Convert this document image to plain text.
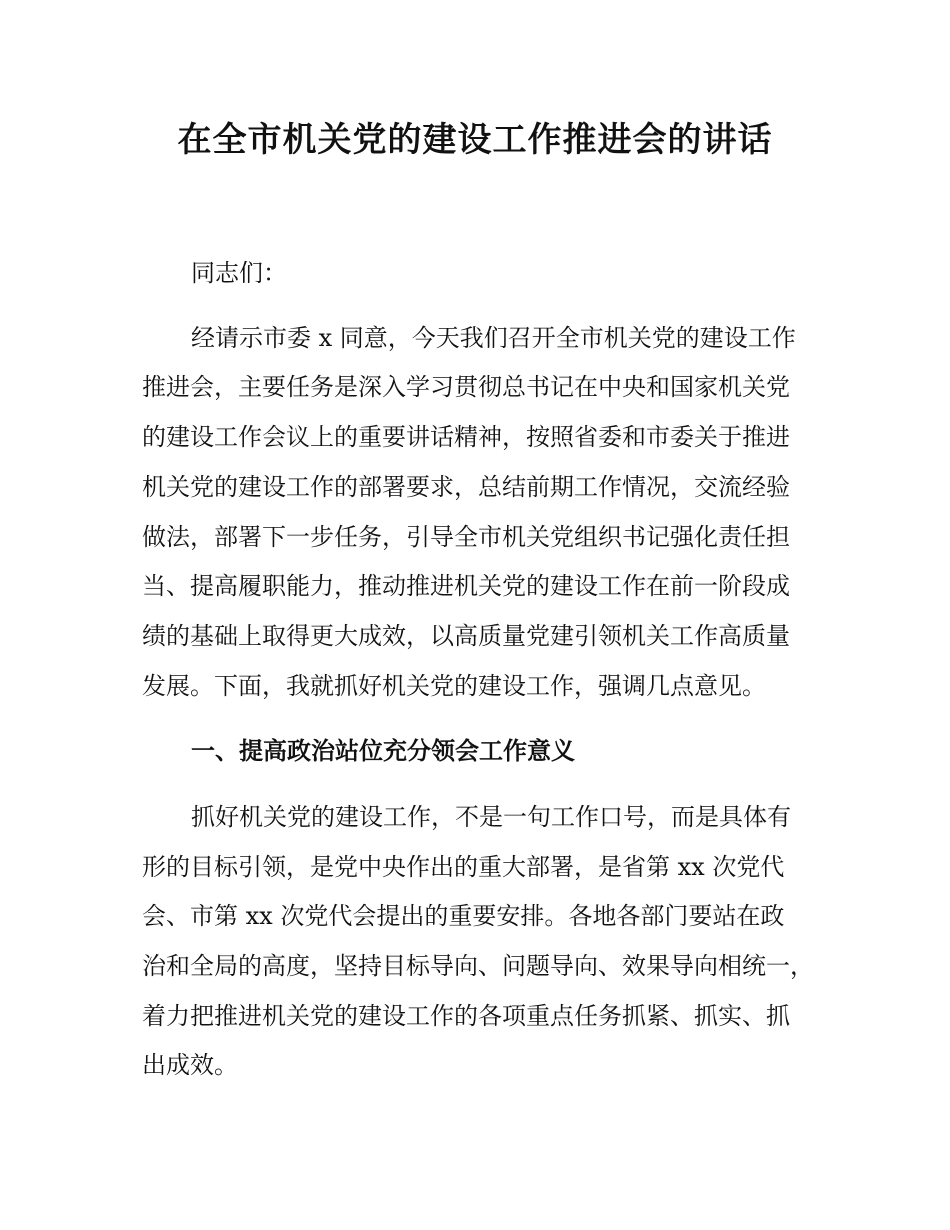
在全市机关党的建设工作推进会的讲话

同志们：

经请示市委 x 同意，今天我们召开全市机关党的建设工作

推进会，主要任务是深入学习贯彻总书记在中央和国家机关党

的建设工作会议上的重要讲话精神，按照省委和市委关于推进

机关党的建设工作的部署要求，总结前期工作情况，交流经验

做法，部署下一步任务，引导全市机关党组织书记强化责任担

当、提高履职能力，推动推进机关党的建设工作在前一阶段成

绩的基础上取得更大成效，以高质量党建引领机关工作高质量

发展。下面，我就抓好机关党的建设工作，强调几点意见。

一、提高政治站位充分领会工作意义

抓好机关党的建设工作，不是一句工作口号，而是具体有

形的目标引领，是党中央作出的重大部署，是省第 xx 次党代

会、市第 xx 次党代会提出的重要安排。各地各部门要站在政

治和全局的高度，坚持目标导向、问题导向、效果导向相统一，

着力把推进机关党的建设工作的各项重点任务抓紧、抓实、抓

出成效。
